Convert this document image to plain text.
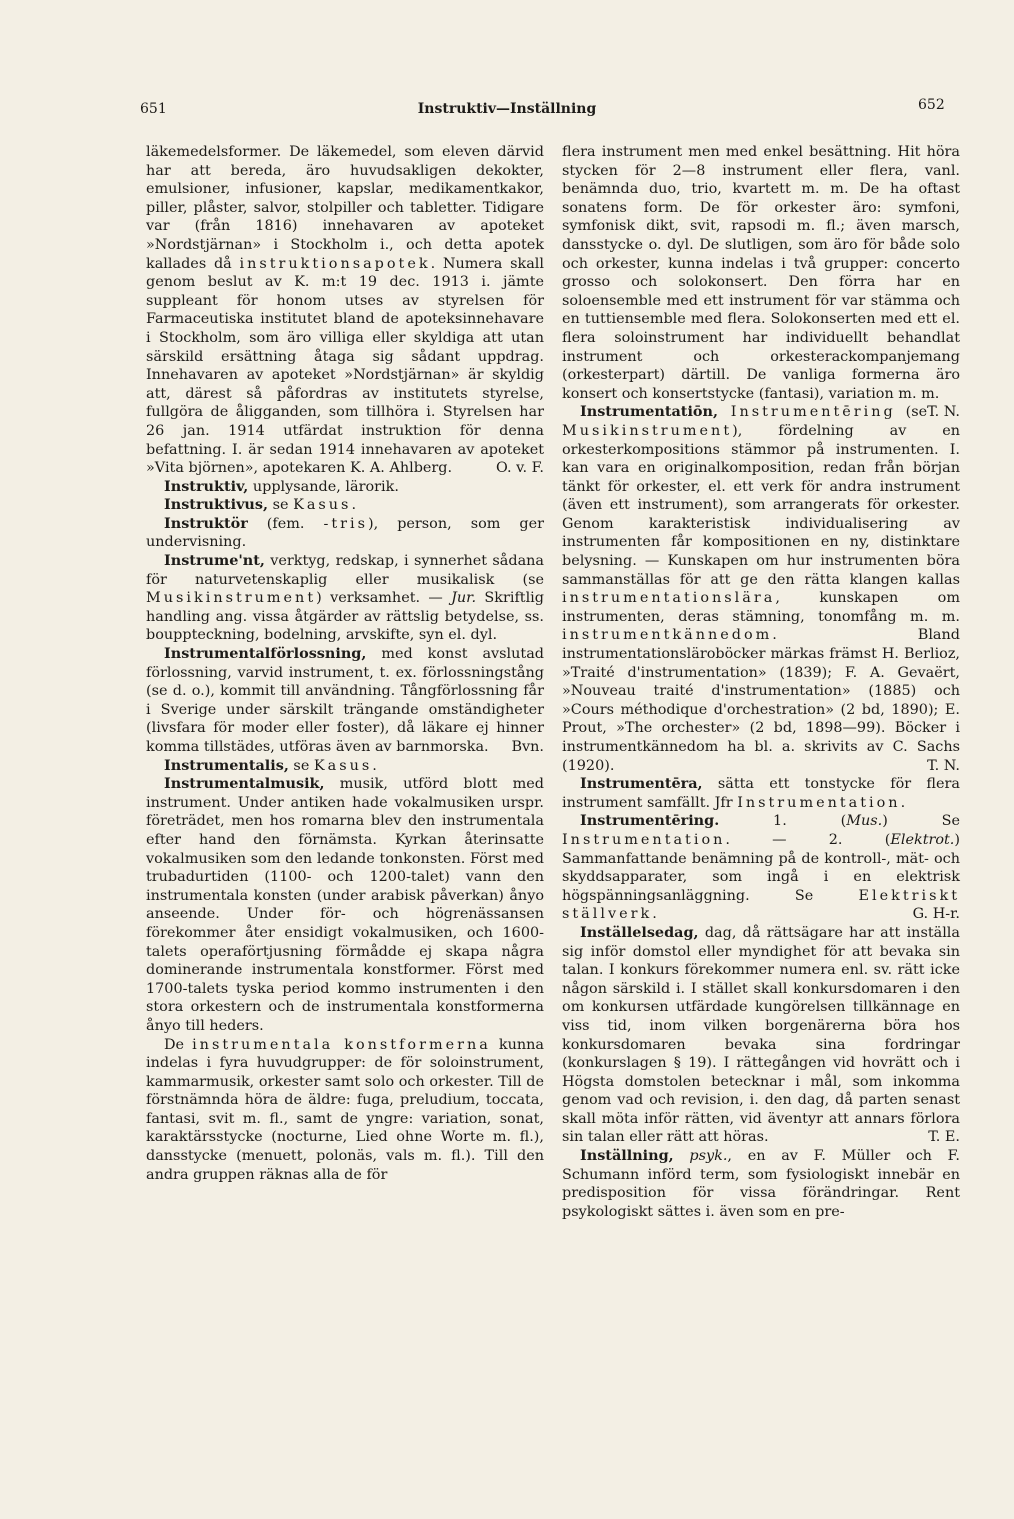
651	Instruktiv—Inställning	652

läkemedelsformer. De läkemedel, som eleven därvid har att bereda, äro huvudsakligen dekokter, emulsioner, infusioner, kapslar, medikamentkakor, piller, plåster, salvor, stolpiller och tabletter. Tidigare var (från 1816) innehavaren av apoteket »Nordstjärnan» i Stockholm i., och detta apotek kallades då instruktionsapotek. Numera skall genom beslut av K. m:t 19 dec. 1913 i. jämte suppleant för honom utses av styrelsen för Farmaceutiska institutet bland de apoteksinnehavare i Stockholm, som äro villiga eller skyldiga att utan särskild ersättning åtaga sig sådant uppdrag. Innehavaren av apoteket »Nordstjärnan» är skyldig att, därest så påfordras av institutets styrelse, fullgöra de åligganden, som tillhöra i. Styrelsen har 26 jan. 1914 utfärdat instruktion för denna befattning. I. är sedan 1914 innehavaren av apoteket »Vita björnen», apotekaren K. A. Ahlberg.	O. v. F.

Instruktiv, upplysande, lärorik.

Instruktivus, se Kasus.

Instruktör (fem. -tris), person, som ger undervisning.

Instrume'nt, verktyg, redskap, i synnerhet sådana för naturvetenskaplig eller musikalisk (se Musikinstrument) verksamhet. — Jur. Skriftlig handling ang. vissa åtgärder av rättslig betydelse, ss. bouppteckning, bodelning, arvskifte, syn el. dyl.

Instrumentalförlossning, med konst avslutad förlossning, varvid instrument, t. ex. förlossningstång (se d. o.), kommit till användning. Tångförlossning får i Sverige under särskilt trängande omständigheter (livsfara för moder eller foster), då läkare ej hinner komma tillstädes, utföras även av barnmorska.	Bvn.

Instrumentalis, se Kasus.

Instrumentalmusik, musik, utförd blott med instrument. Under antiken hade vokalmusiken urspr. företrädet, men hos romarna blev den instrumentala efter hand den förnämsta. Kyrkan återinsatte vokalmusiken som den ledande tonkonsten. Först med trubadurtiden (1100- och 1200-talet) vann den instrumentala konsten (under arabisk påverkan) ånyo anseende. Under för- och högrenässansen förekommer åter ensidigt vokalmusiken, och 1600-talets operaförtjusning förmådde ej skapa några dominerande instrumentala konstformer. Först med 1700-talets tyska period kommo instrumenten i den stora orkestern och de instrumentala konstformerna ånyo till heders.

De instrumentala konstformerna kunna indelas i fyra huvudgrupper: de för soloinstrument, kammarmusik, orkester samt solo och orkester. Till de förstnämnda höra de äldre: fuga, preludium, toccata, fantasi, svit m. fl., samt de yngre: variation, sonat, karaktärsstycke (nocturne, Lied ohne Worte m. fl.), dansstycke (menuett, polonäs, vals m. fl.). Till den andra gruppen räknas alla de för

flera instrument men med enkel besättning. Hit höra stycken för 2—8 instrument eller flera, vanl. benämnda duo, trio, kvartett m. m. De ha oftast sonatens form. De för orkester äro: symfoni, symfonisk dikt, svit, rapsodi m. fl.; även marsch, dansstycke o. dyl. De slutligen, som äro för både solo och orkester, kunna indelas i två grupper: concerto grosso och solokonsert. Den förra har en soloensemble med ett instrument för var stämma och en tuttiensemble med flera. Solokonserten med ett el. flera soloinstrument har individuellt behandlat instrument och orkesterackompanjemang (orkesterpart) därtill. De vanliga formerna äro konsert och konsertstycke (fantasi), variation m. m.
T. N.

Instrumentatiōn, Instrumentēring (se Musikinstrument), fördelning av en orkesterkompositions stämmor på instrumenten. I. kan vara en originalkomposition, redan från början tänkt för orkester, el. ett verk för andra instrument (även ett instrument), som arrangerats för orkester. Genom karakteristisk individualisering av instrumenten får kompositionen en ny, distinktare belysning. — Kunskapen om hur instrumenten böra sammanställas för att ge den rätta klangen kallas instrumentationslära, kunskapen om instrumenten, deras stämning, tonomfång m. m. instrumentkännedom. Bland instrumentationsläroböcker märkas främst H. Berlioz, »Traité d'instrumentation» (1839); F. A. Gevaërt, »Nouveau traité d'instrumentation» (1885) och »Cours méthodique d'orchestration» (2 bd, 1890); E. Prout, »The orchester» (2 bd, 1898—99). Böcker i instrumentkännedom ha bl. a. skrivits av C. Sachs (1920).	T. N.

Instrumentēra, sätta ett tonstycke för flera instrument samfällt. Jfr Instrumentation.

Instrumentēring. 1. (Mus.) Se Instrumentation. — 2. (Elektrot.) Sammanfattande benämning på de kontroll-, mät- och skyddsapparater, som ingå i en elektrisk högspänningsanläggning. Se Elektriskt ställverk.	G. H-r.

Inställelsedag, dag, då rättsägare har att inställa sig inför domstol eller myndighet för att bevaka sin talan. I konkurs förekommer numera enl. sv. rätt icke någon särskild i. I stället skall konkursdomaren i den om konkursen utfärdade kungörelsen tillkännage en viss tid, inom vilken borgenärerna böra hos konkursdomaren bevaka sina fordringar (konkurslagen § 19). I rättegången vid hovrätt och i Högsta domstolen betecknar i mål, som inkomma genom vad och revision, i. den dag, då parten senast skall möta inför rätten, vid äventyr att annars förlora sin talan eller rätt att höras.	T. E.

Inställning, psyk., en av F. Müller och F. Schumann införd term, som fysiologiskt innebär en predisposition för vissa förändringar. Rent psykologiskt sättes i. även som en pre-
